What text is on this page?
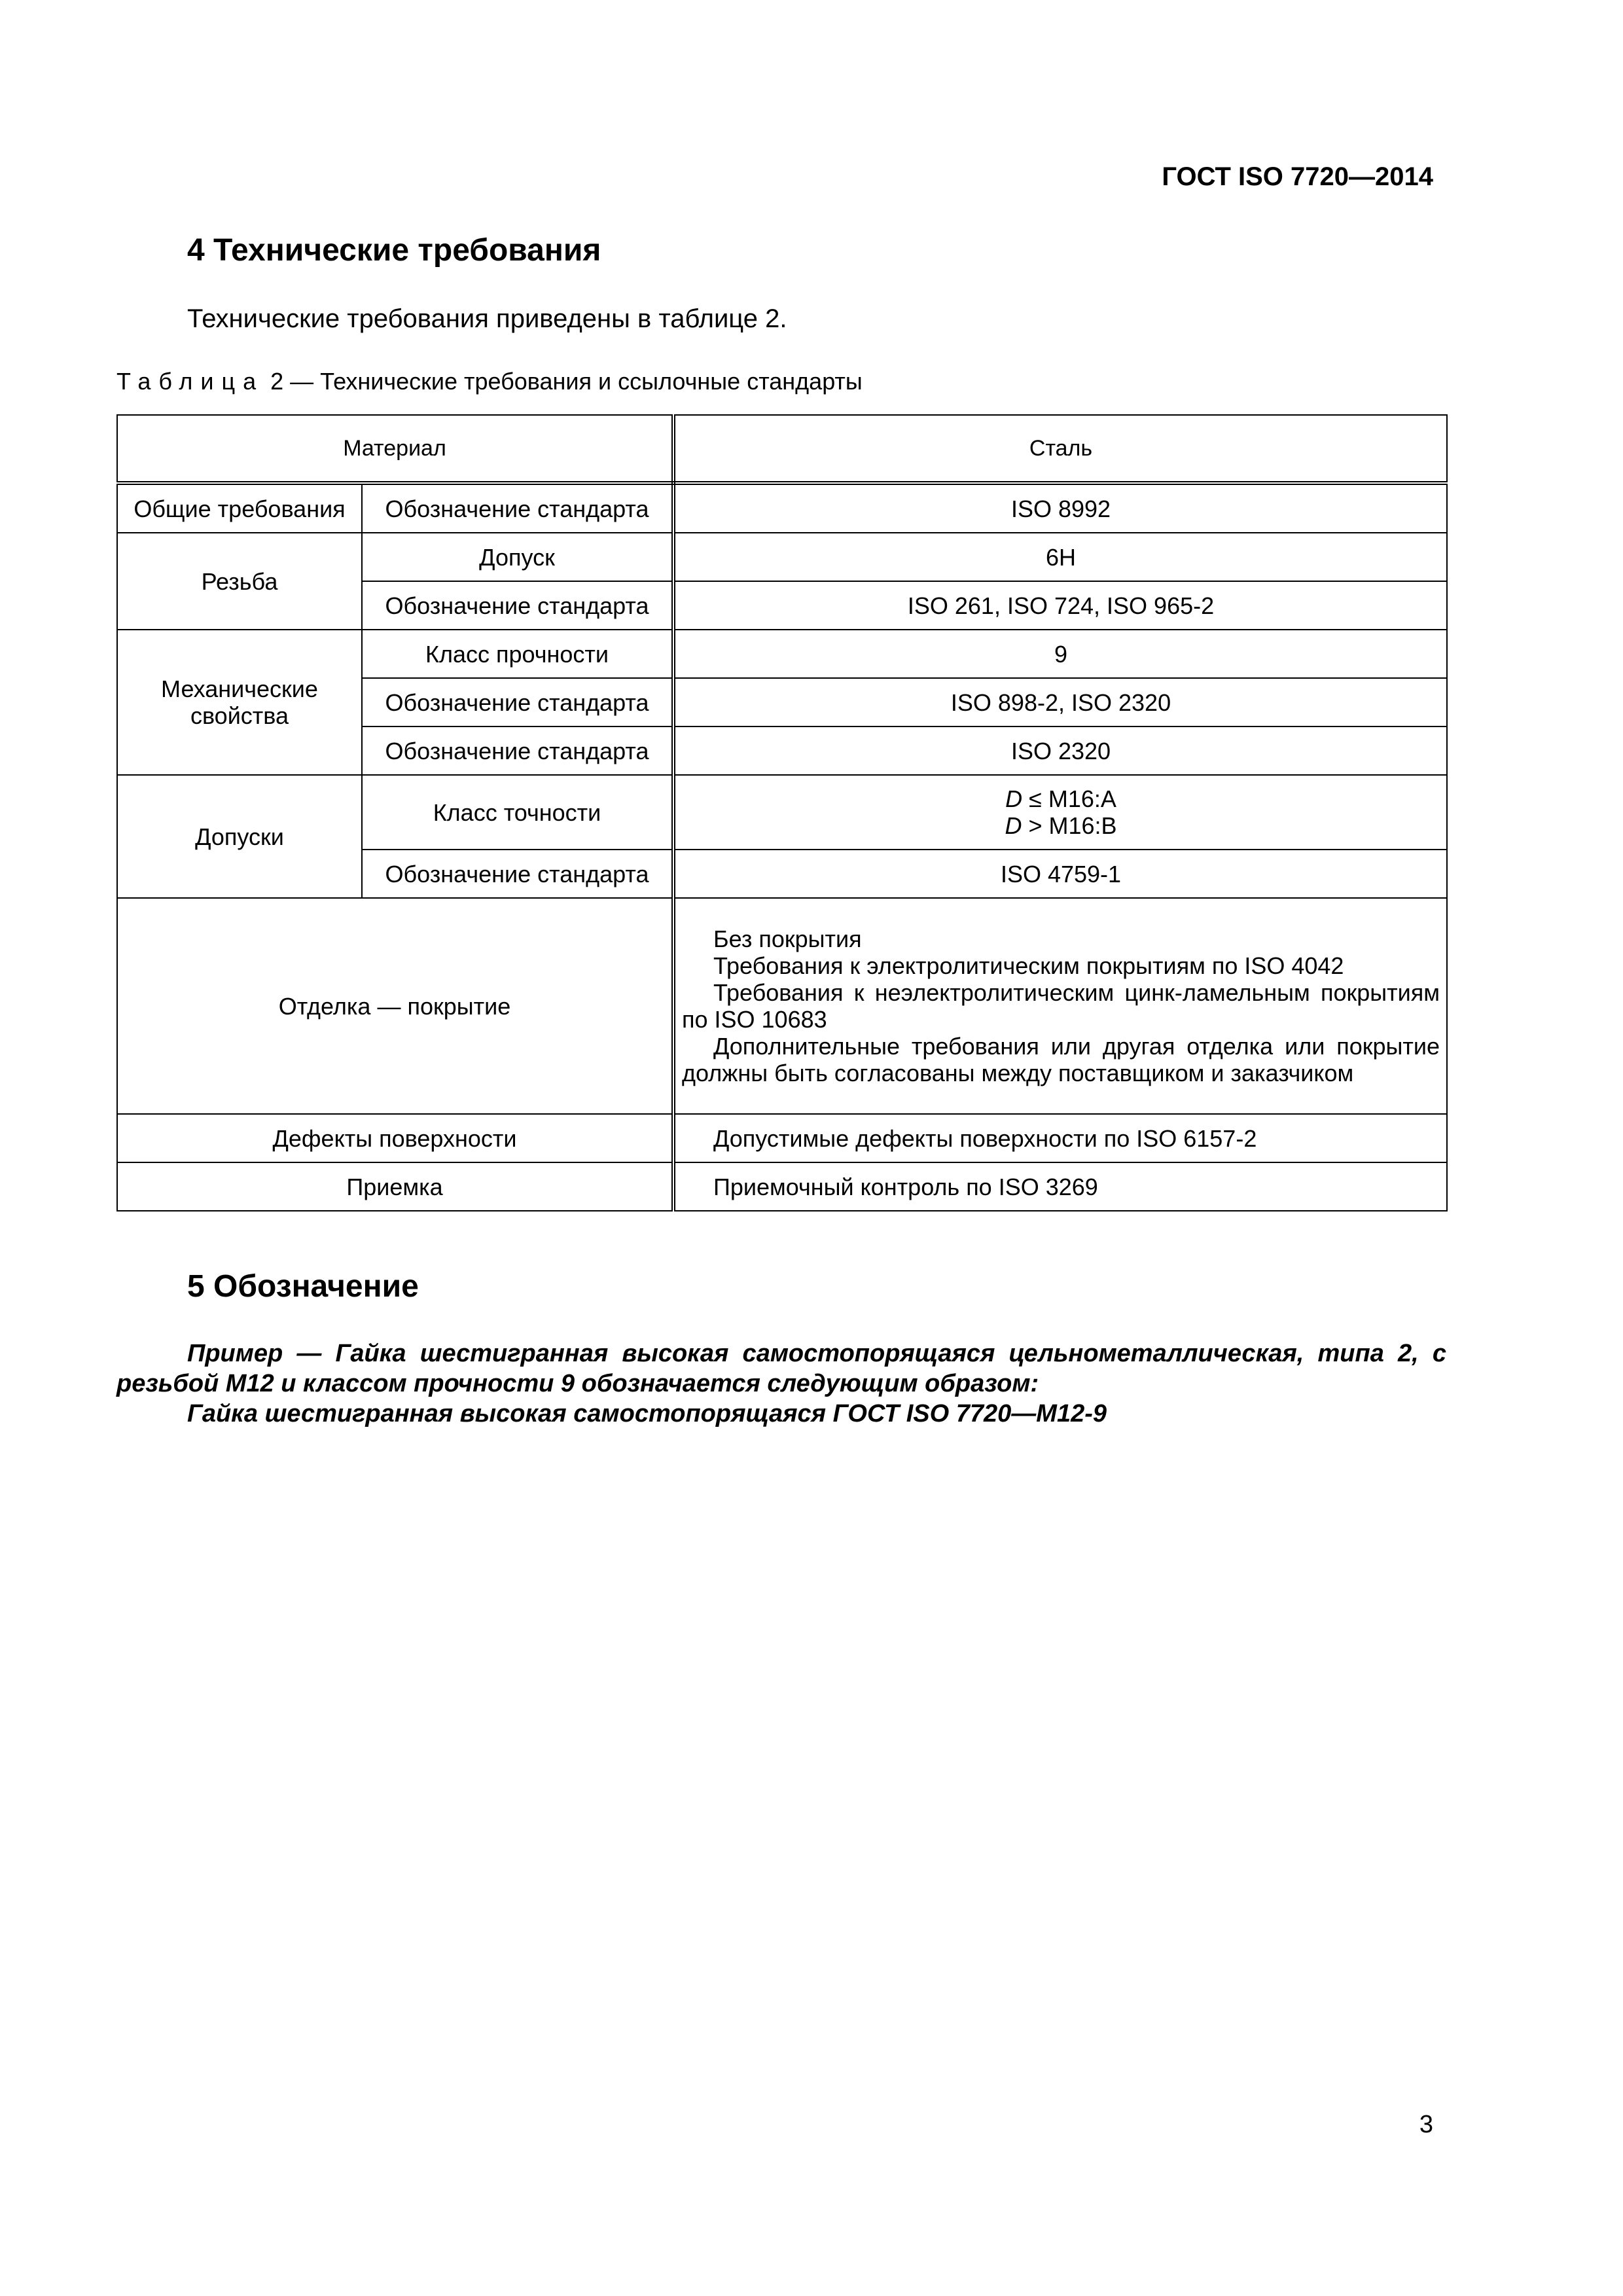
ГОСТ ISO 7720—2014
4 Технические требования
Технические требования приведены в таблице 2.
Таблица 2 — Технические требования и ссылочные стандарты
Материал		Сталь
Общие требования	Обозначение стандарта	ISO 8992
Резьба	Допуск	6H
	Обозначение стандарта	ISO 261, ISO 724, ISO 965-2
Механические свойства	Класс прочности	9
	Обозначение стандарта	ISO 898-2, ISO 2320
	Обозначение стандарта	ISO 2320
Допуски	Класс точности	D ≤ M16:A
D > M16:B

	Обозначение стандарта	ISO 4759-1
Отделка — покрытие		Без покрытия
Требования к электролитическим покрытиям по ISO 4042
Требования к неэлектролитическим цинк-ламельным покрытиям по ISO 10683
Дополнительные требования или другая отделка или покрытие должны быть согласованы между поставщиком и заказчиком

Дефекты поверхности		Допустимые дефекты поверхности по ISO 6157-2

Приемка		Приемочный контроль по ISO 3269
5 Обозначение
Пример — Гайка шестигранная высокая самостопорящаяся цельнометаллическая, типа 2, с резьбой M12 и классом прочности 9 обозначается следующим образом:
Гайка шестигранная высокая самостопорящаяся ГОСТ ISO 7720—M12-9
3
